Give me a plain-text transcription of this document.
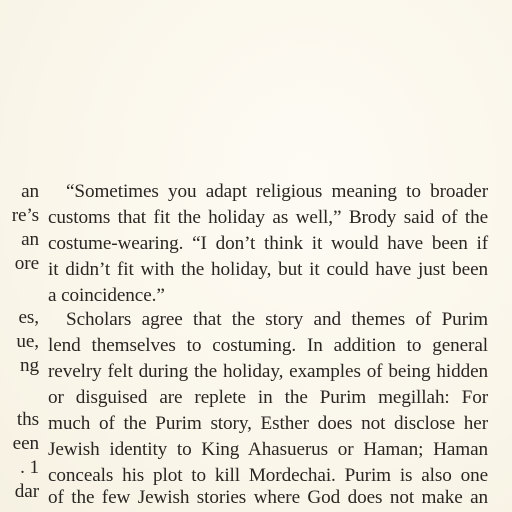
an
re’s
an
ore
es,
ue,
ng
ths
een
. 1
dar
“Sometimes you adapt religious meaning to broader
customs that fit the holiday as well,” Brody said of the
costume-wearing. “I don’t think it would have been if
it didn’t fit with the holiday, but it could have just been
a coincidence.”
Scholars agree that the story and themes of Purim
lend themselves to costuming. In addition to general
revelry felt during the holiday, examples of being hidden
or disguised are replete in the Purim megillah: For
much of the Purim story, Esther does not disclose her
Jewish identity to King Ahasuerus or Haman; Haman
conceals his plot to kill Mordechai. Purim is also one
of the few Jewish stories where God does not make an
